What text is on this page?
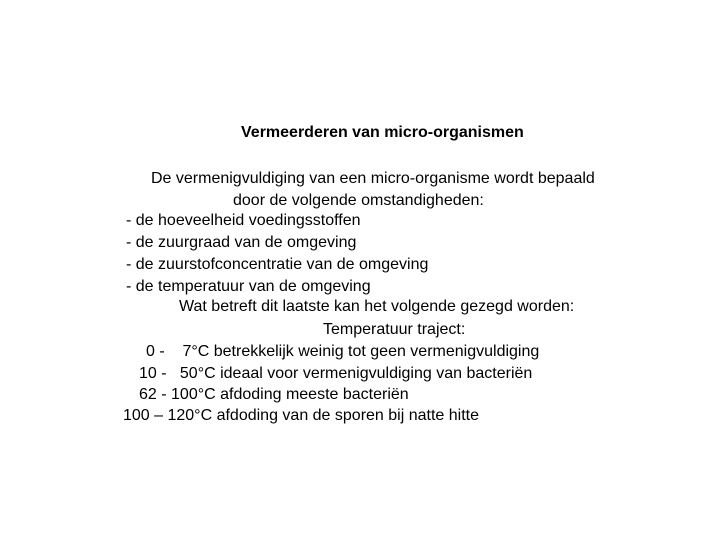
Vermeerderen van micro‐organismen
De vermenigvuldiging van een micro‐organisme wordt bepaald
door de volgende omstandigheden:
‐ de hoeveelheid voedingsstoffen
‐ de zuurgraad van de omgeving
‐ de zuurstofconcentratie van de omgeving
‐ de temperatuur van de omgeving
Wat betreft dit laatste kan het volgende gezegd worden:
Temperatuur traject:
0 ‐    7°C betrekkelijk weinig tot geen vermenigvuldiging
10 -   50°C ideaal voor vermenigvuldiging van bacteriën
62 - 100°C afdoding meeste bacteriën
100 – 120°C afdoding van de sporen bij natte hitte
